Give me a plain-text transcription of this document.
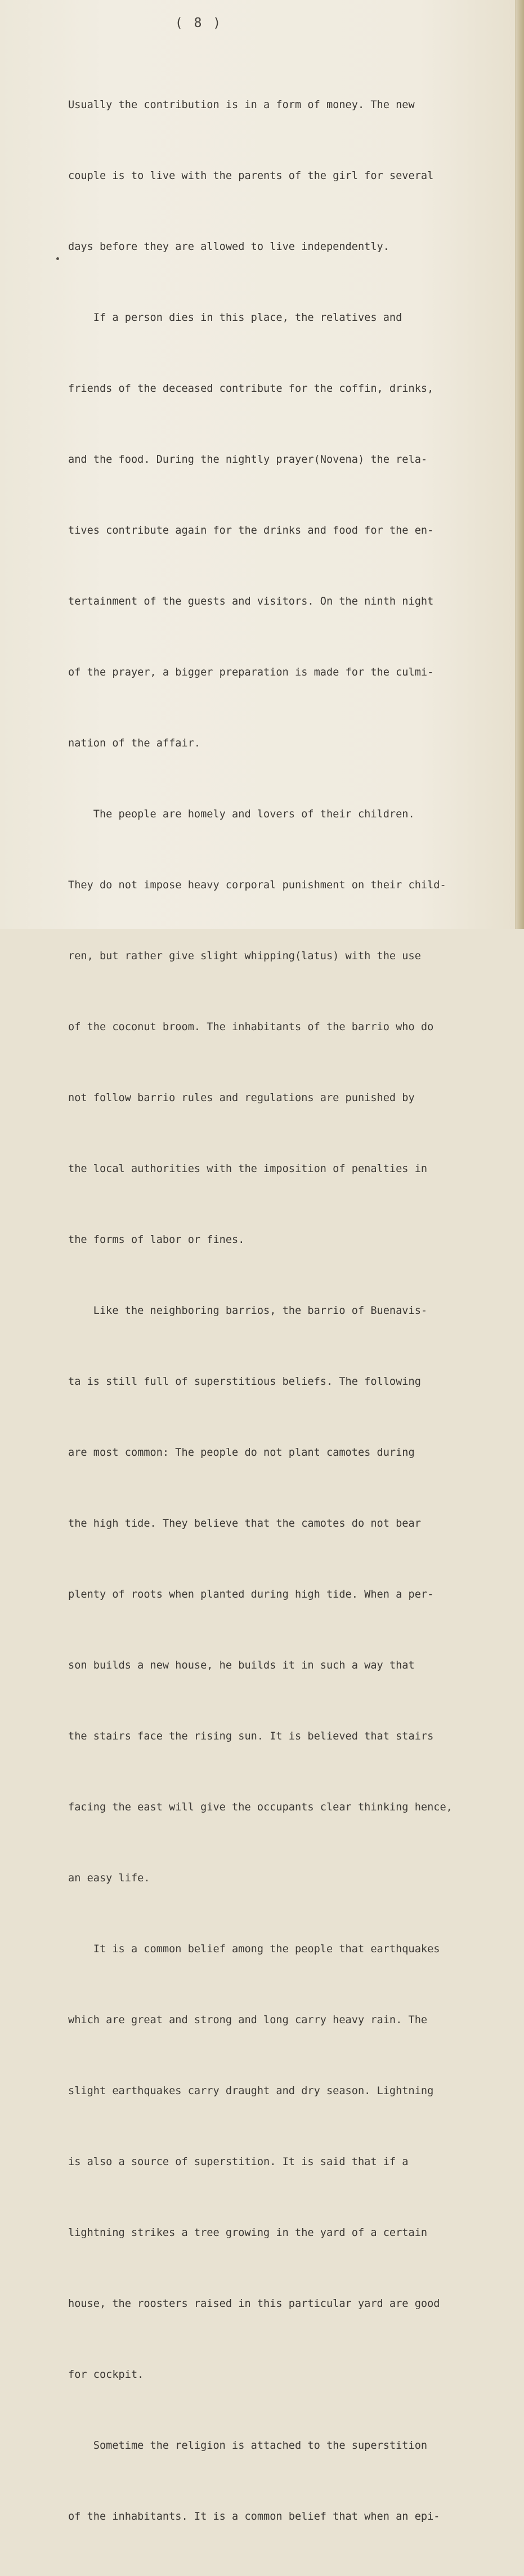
( 8 )

Usually the contribution is in a form of money. The new

couple is to live with the parents of the girl for several

days before they are allowed to live independently.

If a person dies in this place, the relatives and

friends of the deceased contribute for the coffin, drinks,

and the food. During the nightly prayer(Novena) the rela-

tives contribute again for the drinks and food for the en-

tertainment of the guests and visitors. On the ninth night

of the prayer, a bigger preparation is made for the culmi-

nation of the affair.

The people are homely and lovers of their children.

They do not impose heavy corporal punishment on their child-

ren, but rather give slight whipping(latus) with the use

of the coconut broom. The inhabitants of the barrio who do

not follow barrio rules and regulations are punished by

the local authorities with the imposition of penalties in

the forms of labor or fines.

Like the neighboring barrios, the barrio of Buenavis-

ta is still full of superstitious beliefs. The following

are most common: The people do not plant camotes during

the high tide. They believe that the camotes do not bear

plenty of roots when planted during high tide. When a per-

son builds a new house, he builds it in such a way that

the stairs face the rising sun. It is believed that stairs

facing the east will give the occupants clear thinking hence,

an easy life.

It is a common belief among the people that earthquakes

which are great and strong and long carry heavy rain. The

slight earthquakes carry draught and dry season. Lightning

is also a source of superstition. It is said that if a

lightning strikes a tree growing in the yard of a certain

house, the roosters raised in this particular yard are good

for cockpit.

Sometime the religion is attached to the superstition

of the inhabitants. It is a common belief that when an epi-
